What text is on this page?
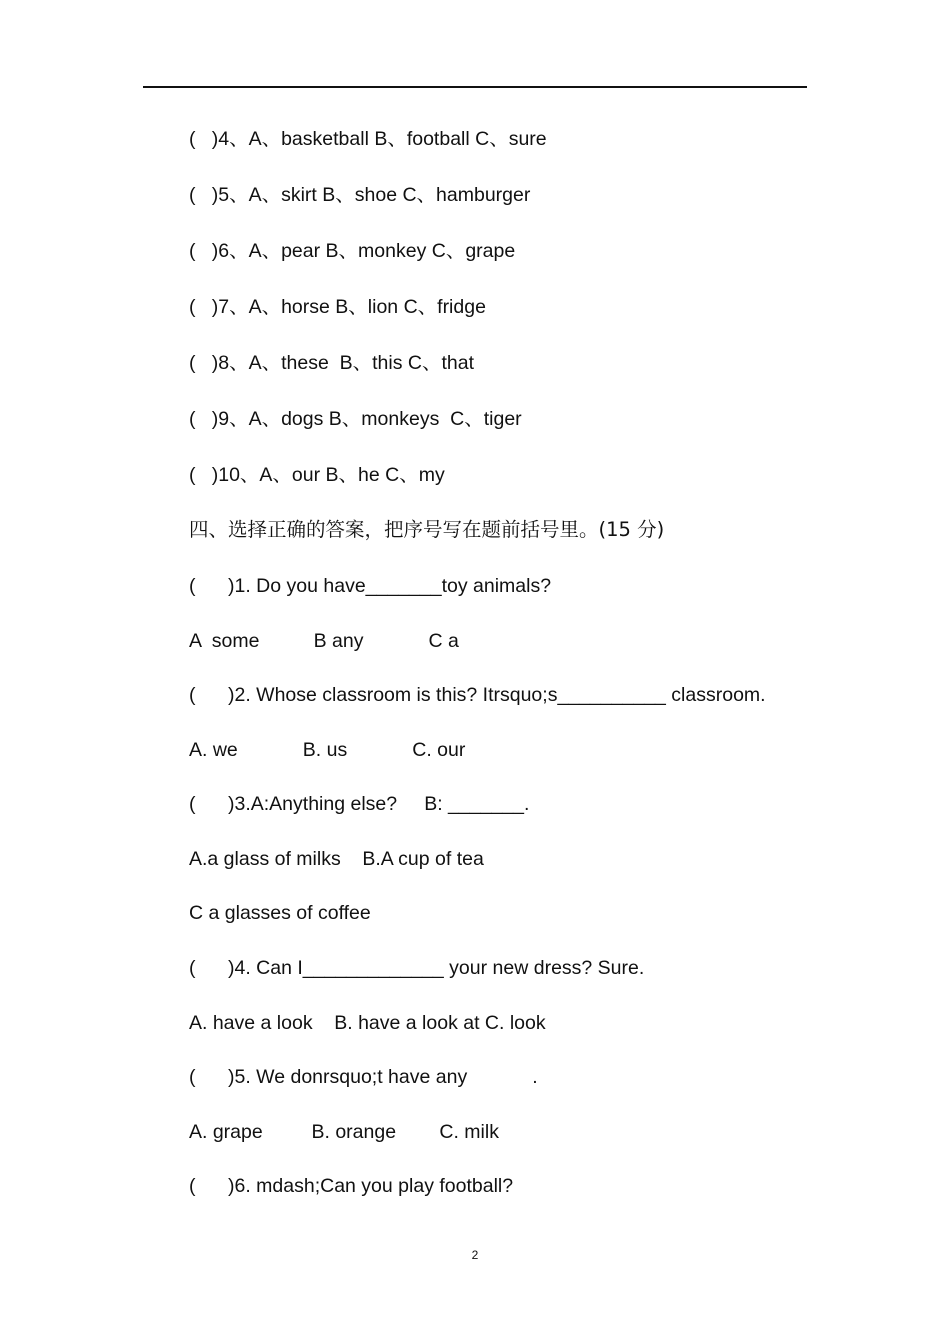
(   )4、A、basketball B、football C、sure
(   )5、A、skirt B、shoe C、hamburger
(   )6、A、pear B、monkey C、grape
(   )7、A、horse B、lion C、fridge
(   )8、A、these  B、this C、that
(   )9、A、dogs B、monkeys  C、tiger
(   )10、A、our B、he C、my
四、选择正确的答案，把序号写在题前括号里。(15 分)
(      )1. Do you have_______toy animals?
A  some          B any            C a
(      )2. Whose classroom is this? Itrsquo;s__________ classroom.
A. we            B. us            C. our
(      )3.A:Anything else?     B: _______.
A.a glass of milks    B.A cup of tea
C a glasses of coffee
(      )4. Can I_____________ your new dress? Sure.
A. have a look    B. have a look at C. look
(      )5. We donrsquo;t have any            .
A. grape         B. orange        C. milk
(      )6. mdash;Can you play football?
2
